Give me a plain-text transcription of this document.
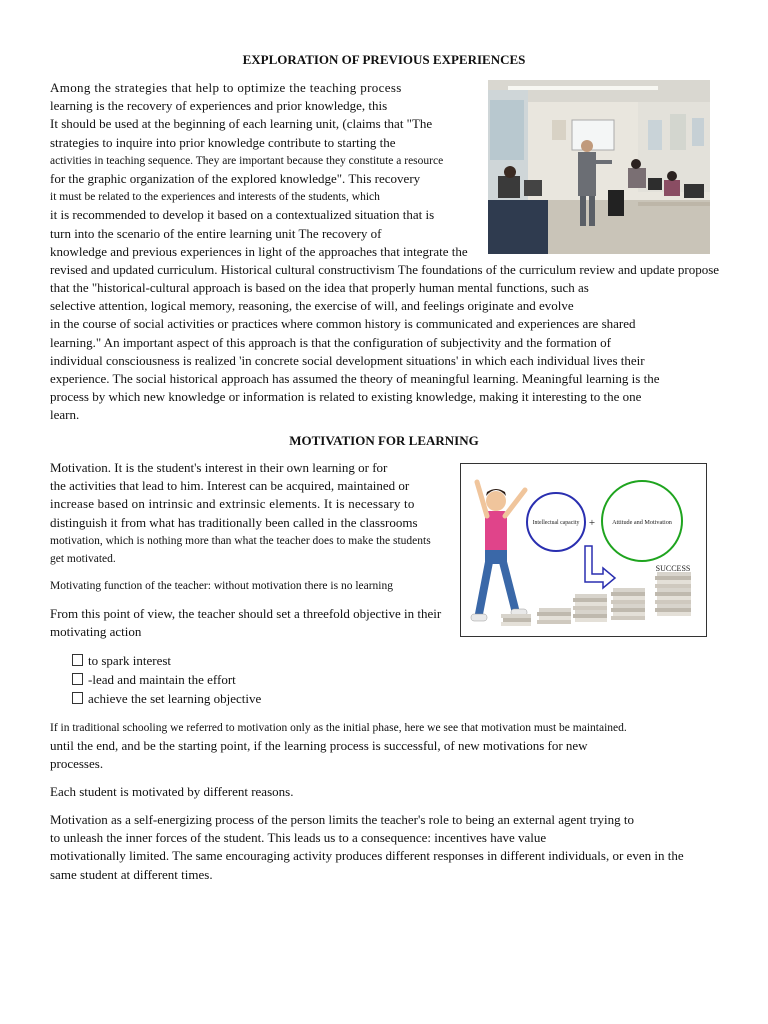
EXPLORATION OF PREVIOUS EXPERIENCES
Among the strategies that help to optimize the teaching process
learning is the recovery of experiences and prior knowledge, this
It should be used at the beginning of each learning unit, (claims that "The
strategies to inquire into prior knowledge contribute to starting the
activities in teaching sequence. They are important because they constitute a resource
for the graphic organization of the explored knowledge". This recovery
it must be related to the experiences and interests of the students, which
it is recommended to develop it based on a contextualized situation that is
turn into the scenario of the entire learning unit The recovery of
knowledge and previous experiences in light of the approaches that integrate the
revised and updated curriculum. Historical cultural constructivism The foundations of the curriculum review and update propose
that the "historical-cultural approach is based on the idea that properly human mental functions, such as
selective attention, logical memory, reasoning, the exercise of will, and feelings originate and evolve
in the course of social activities or practices where common history is communicated and experiences are shared
learning." An important aspect of this approach is that the configuration of subjectivity and the formation of
individual consciousness is realized 'in concrete social development situations' in which each individual lives their
experience. The social historical approach has assumed the theory of meaningful learning. Meaningful learning is the
process by which new knowledge or information is related to existing knowledge, making it interesting to the one
learn.
MOTIVATION FOR LEARNING
Intellectual capacity +	Attitude and Motivation
SUCCESS
Motivation. It is the student's interest in their own learning or for
the activities that lead to him. Interest can be acquired, maintained or
increase based on intrinsic and extrinsic elements. It is necessary to
distinguish it from what has traditionally been called in the classrooms
motivation, which is nothing more than what the teacher does to make the students
get motivated.
Motivating function of the teacher: without motivation there is no learning
From this point of view, the teacher should set a threefold objective in their
motivating action
to spark interest
-lead and maintain the effort
achieve the set learning objective
If in traditional schooling we referred to motivation only as the initial phase, here we see that motivation must be maintained.
until the end, and be the starting point, if the learning process is successful, of new motivations for new
processes.
Each student is motivated by different reasons.
Motivation as a self-energizing process of the person limits the teacher's role to being an external agent trying to
to unleash the inner forces of the student. This leads us to a consequence: incentives have value
motivationally limited. The same encouraging activity produces different responses in different individuals, or even in the
same student at different times.
